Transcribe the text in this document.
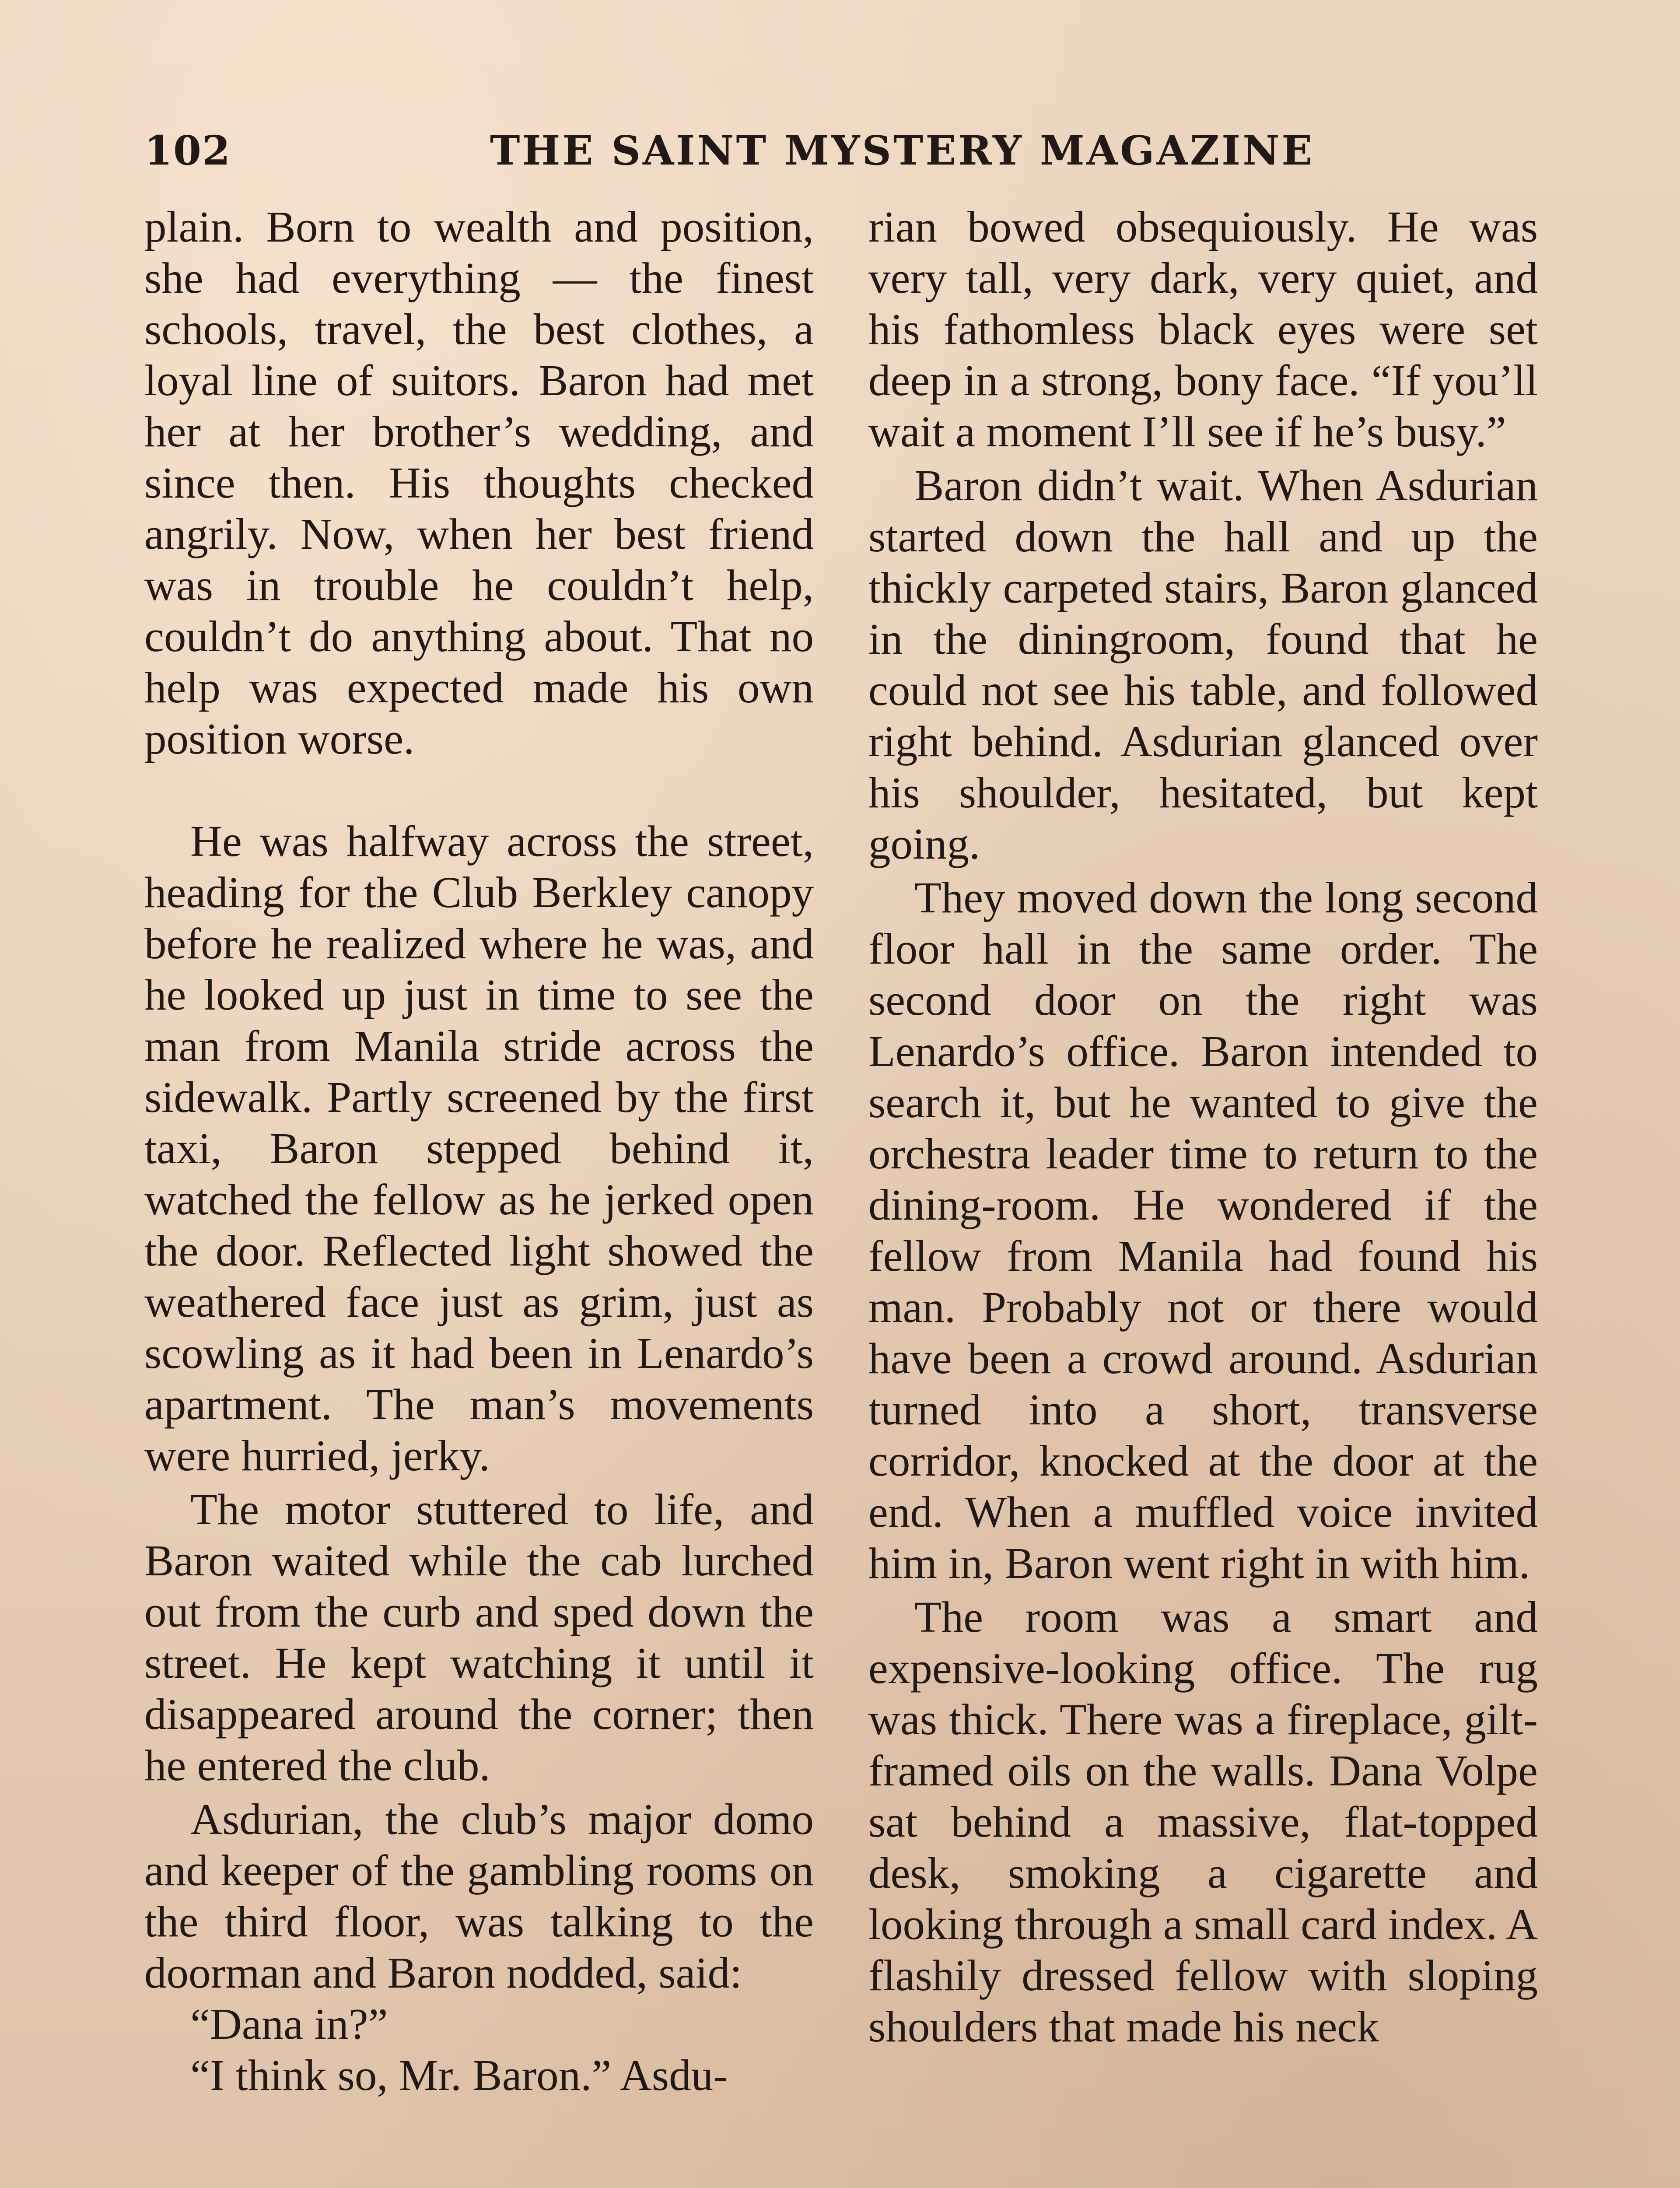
102	THE SAINT MYSTERY MAGAZINE

plain. Born to wealth and position, she had everything — the finest schools, travel, the best clothes, a loyal line of suitors. Baron had met her at her brother’s wedding, and since then. His thoughts checked angrily. Now, when her best friend was in trouble he couldn’t help, couldn’t do anything about. That no help was expected made his own position worse.

He was halfway across the street, heading for the Club Berkley canopy before he realized where he was, and he looked up just in time to see the man from Manila stride across the sidewalk. Partly screened by the first taxi, Baron stepped behind it, watched the fellow as he jerked open the door. Reflected light showed the weathered face just as grim, just as scowling as it had been in Lenardo’s apartment. The man’s movements were hurried, jerky.

The motor stuttered to life, and Baron waited while the cab lurched out from the curb and sped down the street. He kept watching it until it disappeared around the corner; then he entered the club.

Asdurian, the club’s major domo and keeper of the gambling rooms on the third floor, was talking to the doorman and Baron nodded, said:

“Dana in?”

“I think so, Mr. Baron.” Asdu-

rian bowed obsequiously. He was very tall, very dark, very quiet, and his fathomless black eyes were set deep in a strong, bony face. “If you’ll wait a moment I’ll see if he’s busy.”

Baron didn’t wait. When Asdurian started down the hall and up the thickly carpeted stairs, Baron glanced in the diningroom, found that he could not see his table, and followed right behind. Asdurian glanced over his shoulder, hesitated, but kept going.

They moved down the long second floor hall in the same order. The second door on the right was Lenardo’s office. Baron intended to search it, but he wanted to give the orchestra leader time to return to the dining-room. He wondered if the fellow from Manila had found his man. Probably not or there would have been a crowd around. Asdurian turned into a short, transverse corridor, knocked at the door at the end. When a muffled voice invited him in, Baron went right in with him.

The room was a smart and expensive-looking office. The rug was thick. There was a fireplace, gilt-framed oils on the walls. Dana Volpe sat behind a massive, flat-topped desk, smoking a cigarette and looking through a small card index. A flashily dressed fellow with sloping shoulders that made his neck
